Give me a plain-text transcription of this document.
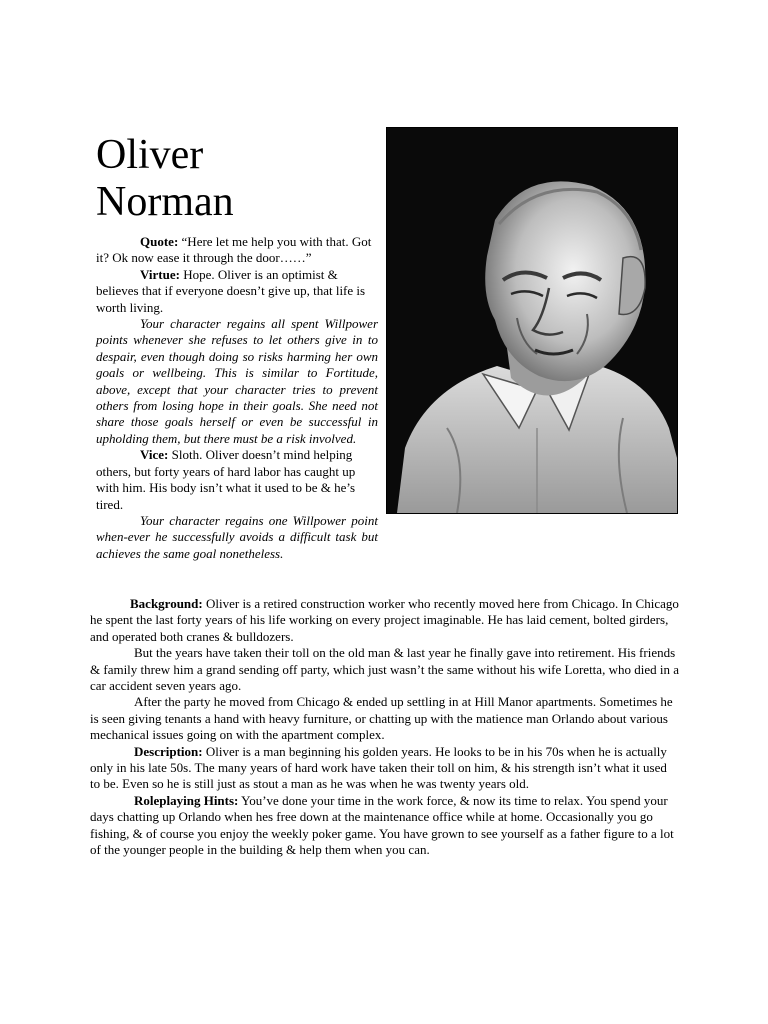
Oliver
Norman

Quote: “Here let me help you with that. Got it? Ok now ease it through the door……”

Virtue: Hope. Oliver is an optimist & believes that if everyone doesn’t give up, that life is worth living.

Your character regains all spent Willpower points whenever she refuses to let others give in to despair, even though doing so risks harming her own goals or wellbeing. This is similar to Fortitude, above, except that your character tries to prevent others from losing hope in their goals. She need not share those goals herself or even be successful in upholding them, but there must be a risk involved.

Vice: Sloth. Oliver doesn’t mind helping others, but forty years of hard labor has caught up with him. His body isn’t what it used to be & he’s tired.

Your character regains one Willpower point when-ever he successfully avoids a difficult task but achieves the same goal nonetheless.

Background: Oliver is a retired construction worker who recently moved here from Chicago. In Chicago he spent the last forty years of his life working on every project imaginable. He has laid cement, bolted girders, and operated both cranes & bulldozers.

But the years have taken their toll on the old man & last year he finally gave into retirement. His friends & family threw him a grand sending off party, which just wasn’t the same without his wife Loretta, who died in a car accident seven years ago.

After the party he moved from Chicago & ended up settling in at Hill Manor apartments. Sometimes he is seen giving tenants a hand with heavy furniture, or chatting up with the matience man Orlando about various mechanical issues going on with the apartment complex.

Description: Oliver is a man beginning his golden years. He looks to be in his 70s when he is actually only in his late 50s. The many years of hard work have taken their toll on him, & his strength isn’t what it used to be. Even so he is still just as stout a man as he was when he was twenty years old.

Roleplaying Hints: You’ve done your time in the work force, & now its time to relax. You spend your days chatting up Orlando when hes free down at the maintenance office while at home. Occasionally you go fishing, & of course you enjoy the weekly poker game. You have grown to see yourself as a father figure to a lot of the younger people in the building & help them when you can.
